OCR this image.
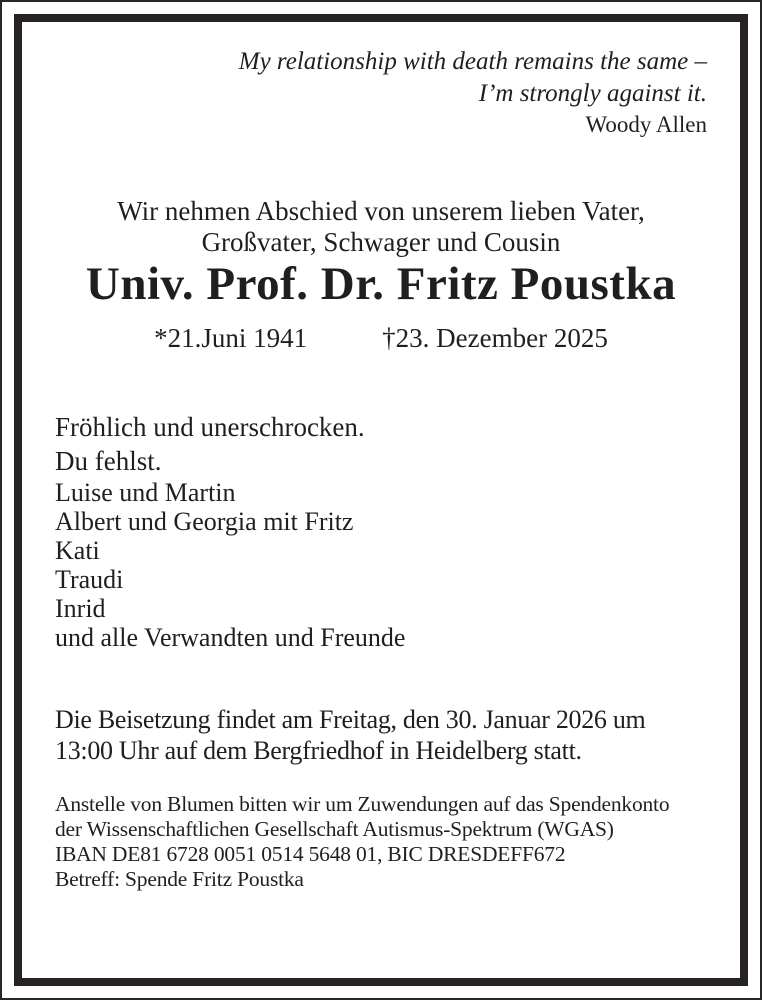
My relationship with death remains the same –

I’m strongly against it.

Woody Allen

Wir nehmen Abschied von unserem lieben Vater,

Großvater, Schwager und Cousin

Univ. Prof. Dr. Fritz Poustka
*21.Juni 1941	†23. Dezember 2025

Fröhlich und unerschrocken.

Du fehlst.

Luise und Martin
Albert und Georgia mit Fritz
Kati
Traudi
Inrid
und alle Verwandten und Freunde

Die Beisetzung findet am Freitag, den 30. Januar 2026 um

13:00 Uhr auf dem Bergfriedhof in Heidelberg statt.

Anstelle von Blumen bitten wir um Zuwendungen auf das Spendenkonto

der Wissenschaftlichen Gesellschaft Autismus-Spektrum (WGAS)

IBAN DE81 6728 0051 0514 5648 01, BIC DRESDEFF672

Betreff: Spende Fritz Poustka
